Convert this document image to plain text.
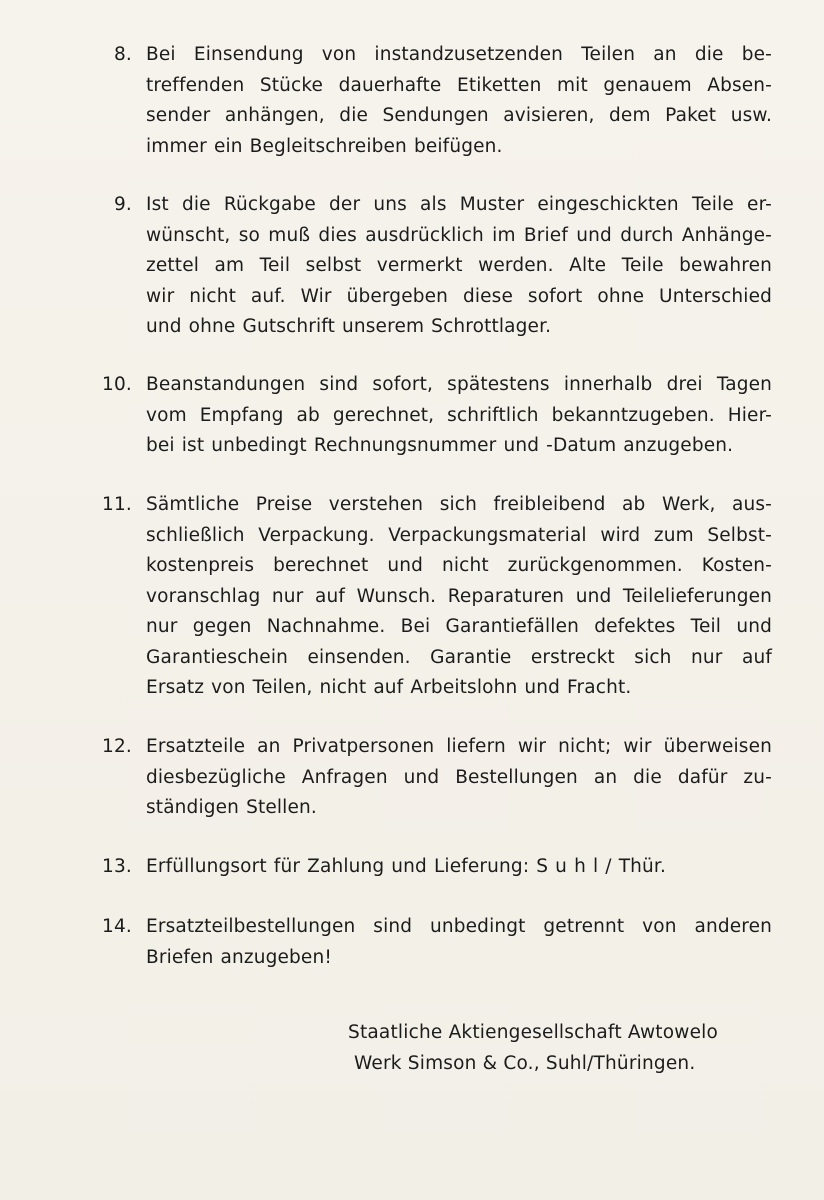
8. Bei Einsendung von instandzusetzenden Teilen an die be-
treffenden Stücke dauerhafte Etiketten mit genauem Absen-
sender anhängen, die Sendungen avisieren, dem Paket usw.
immer ein Begleitschreiben beifügen.
9. Ist die Rückgabe der uns als Muster eingeschickten Teile er-
wünscht, so muß dies ausdrücklich im Brief und durch Anhänge-
zettel am Teil selbst vermerkt werden. Alte Teile bewahren
wir nicht auf. Wir übergeben diese sofort ohne Unterschied
und ohne Gutschrift unserem Schrottlager.
10. Beanstandungen sind sofort, spätestens innerhalb drei Tagen
vom Empfang ab gerechnet, schriftlich bekanntzugeben. Hier-
bei ist unbedingt Rechnungsnummer und -Datum anzugeben.
11. Sämtliche Preise verstehen sich freibleibend ab Werk, aus-
schließlich Verpackung. Verpackungsmaterial wird zum Selbst-
kostenpreis berechnet und nicht zurückgenommen. Kosten-
voranschlag nur auf Wunsch. Reparaturen und Teilelieferungen
nur gegen Nachnahme. Bei Garantiefällen defektes Teil und
Garantieschein einsenden. Garantie erstreckt sich nur auf
Ersatz von Teilen, nicht auf Arbeitslohn und Fracht.
12. Ersatzteile an Privatpersonen liefern wir nicht; wir überweisen
diesbezügliche Anfragen und Bestellungen an die dafür zu-
ständigen Stellen.
13. Erfüllungsort für Zahlung und Lieferung: S u h l / Thür.
14. Ersatzteilbestellungen sind unbedingt getrennt von anderen
Briefen anzugeben!
Staatliche Aktiengesellschaft Awtowelo
Werk Simson & Co., Suhl/Thüringen.
